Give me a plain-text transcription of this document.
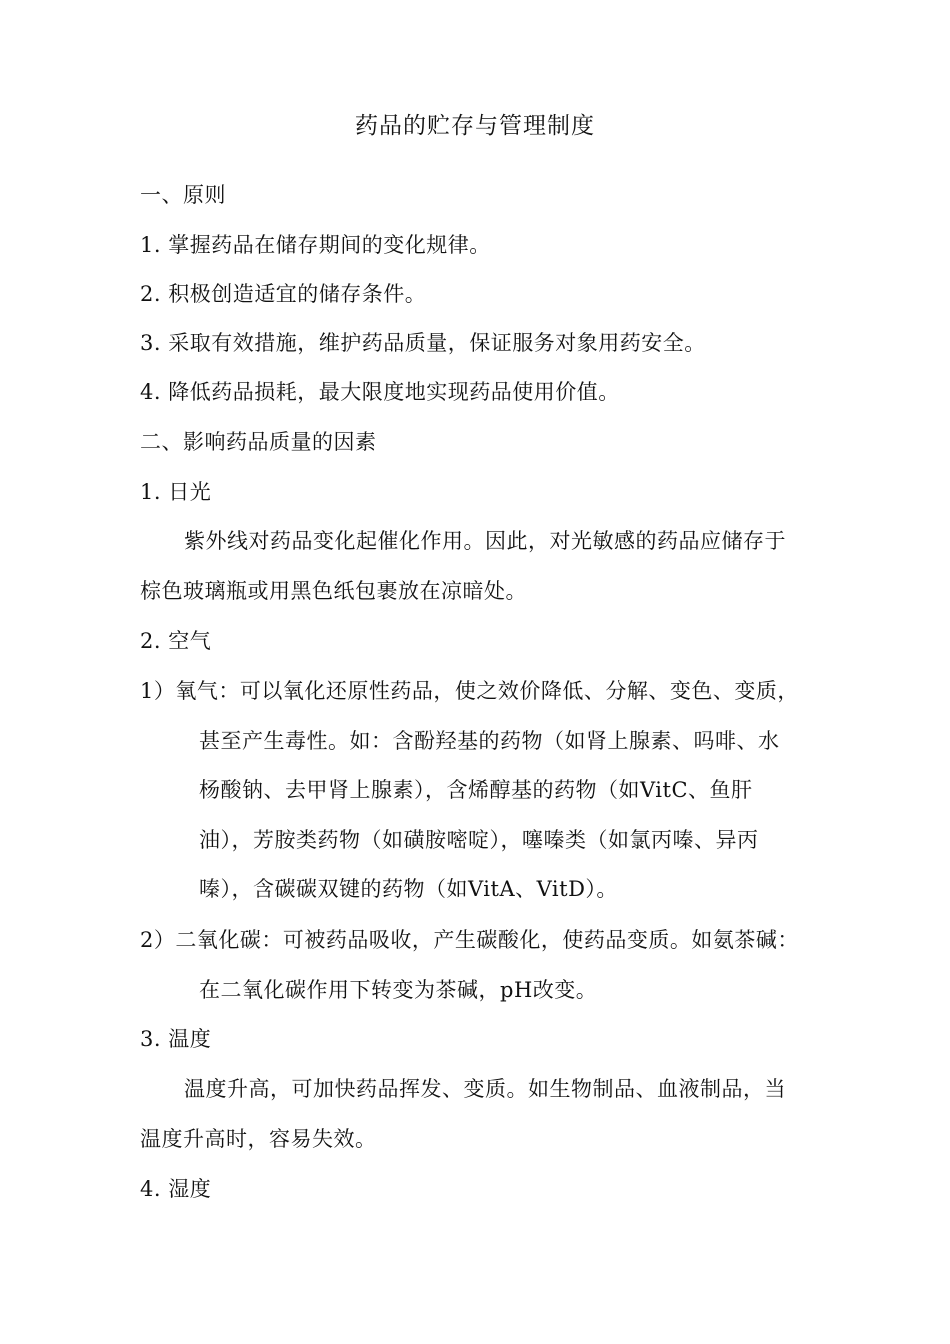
药品的贮存与管理制度
一、原则
1. 掌握药品在储存期间的变化规律。
2. 积极创造适宜的储存条件。
3. 采取有效措施，维护药品质量，保证服务对象用药安全。
4. 降低药品损耗，最大限度地实现药品使用价值。
二、影响药品质量的因素
1. 日光
紫外线对药品变化起催化作用。因此，对光敏感的药品应储存于
棕色玻璃瓶或用黑色纸包裹放在凉暗处。
2. 空气
1）氧气：可以氧化还原性药品，使之效价降低、分解、变色、变质，
甚至产生毒性。如：含酚羟基的药物（如肾上腺素、吗啡、水
杨酸钠、去甲肾上腺素），含烯醇基的药物（如VitC、鱼肝
油），芳胺类药物（如磺胺嘧啶），噻嗪类（如氯丙嗪、异丙
嗪），含碳碳双键的药物（如VitA、VitD）。
2）二氧化碳：可被药品吸收，产生碳酸化，使药品变质。如氨茶碱：
在二氧化碳作用下转变为茶碱，pH改变。
3. 温度
温度升高，可加快药品挥发、变质。如生物制品、血液制品，当
温度升高时，容易失效。
4. 湿度
